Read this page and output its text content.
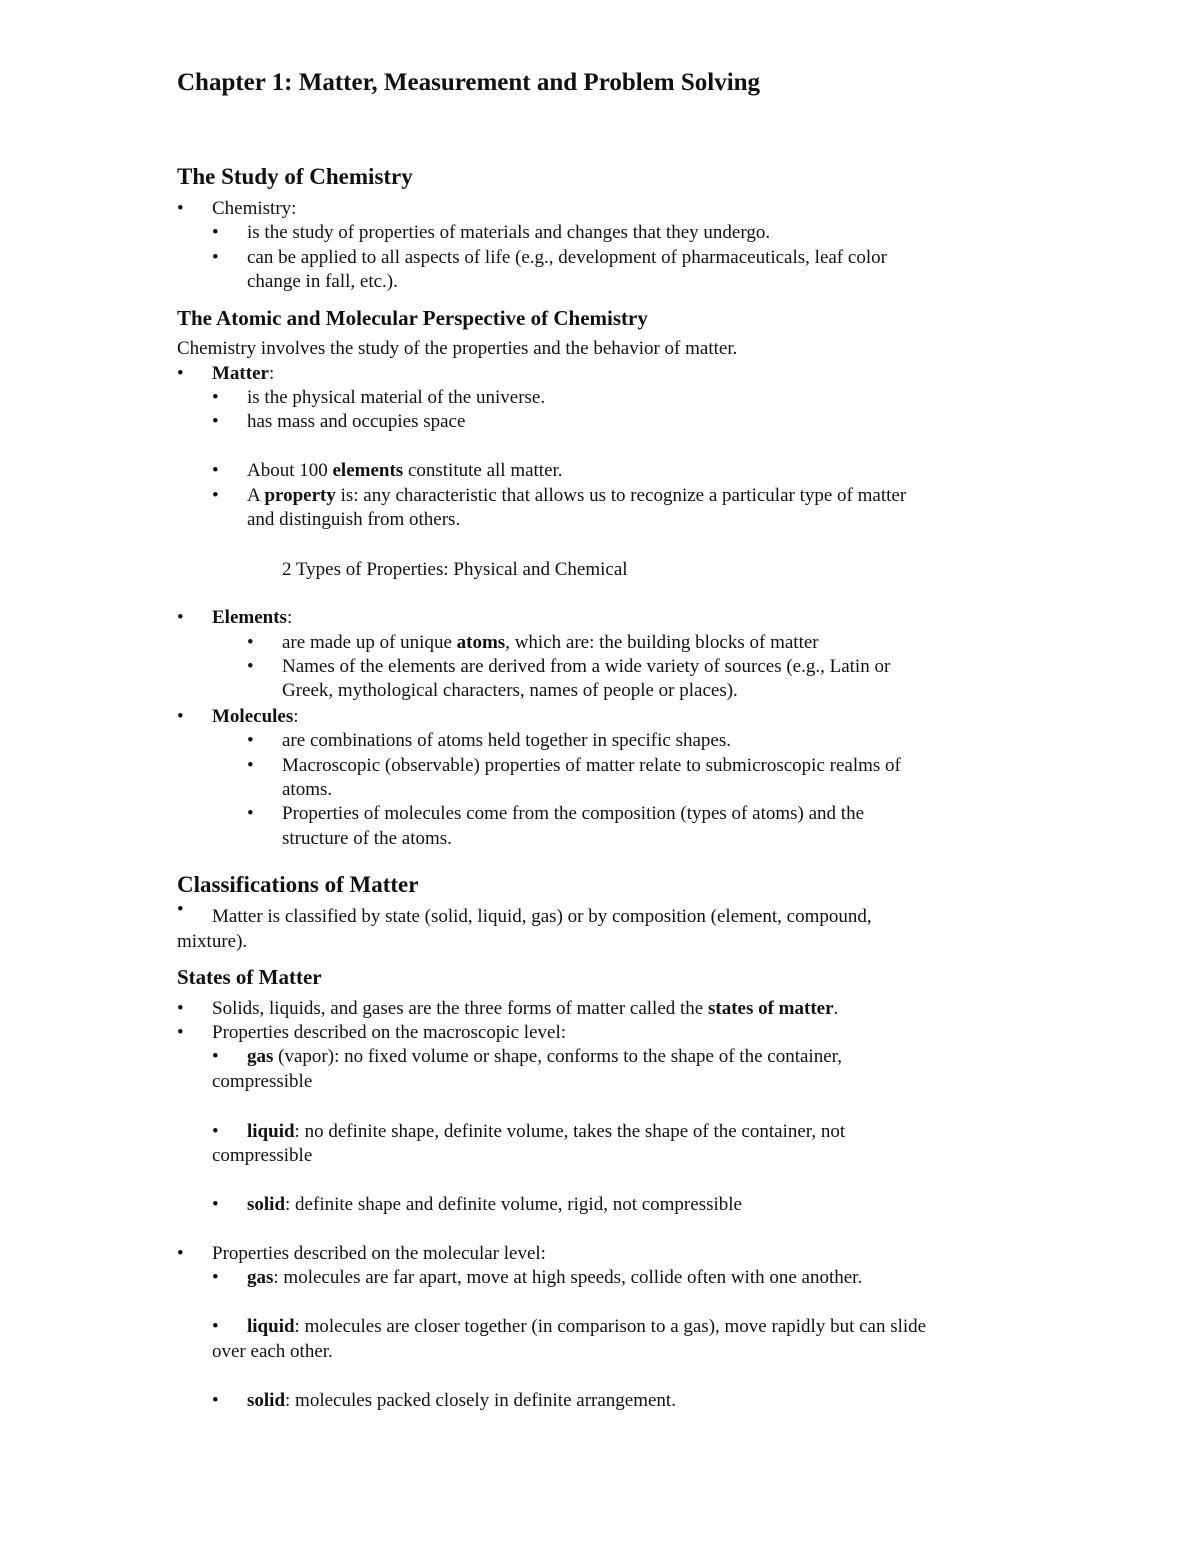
Chapter 1: Matter, Measurement and Problem Solving
The Study of Chemistry
• Chemistry:
• is the study of properties of materials and changes that they undergo.
• can be applied to all aspects of life (e.g., development of pharmaceuticals, leaf color
change in fall, etc.).
The Atomic and Molecular Perspective of Chemistry
Chemistry involves the study of the properties and the behavior of matter.
• Matter:
• is the physical material of the universe.
• has mass and occupies space
• About 100 elements constitute all matter.
• A property is: any characteristic that allows us to recognize a particular type of matter
and distinguish from others.
2 Types of Properties: Physical and Chemical
• Elements:
• are made up of unique atoms, which are: the building blocks of matter
• Names of the elements are derived from a wide variety of sources (e.g., Latin or
Greek, mythological characters, names of people or places).
• Molecules:
• are combinations of atoms held together in specific shapes.
• Macroscopic (observable) properties of matter relate to submicroscopic realms of
atoms.
• Properties of molecules come from the composition (types of atoms) and the
structure of the atoms.
Classifications of Matter
• Matter is classified by state (solid, liquid, gas) or by composition (element, compound,
mixture).
States of Matter
• Solids, liquids, and gases are the three forms of matter called the states of matter.
• Properties described on the macroscopic level:
• gas (vapor): no fixed volume or shape, conforms to the shape of the container,
compressible
• liquid: no definite shape, definite volume, takes the shape of the container, not
compressible
• solid: definite shape and definite volume, rigid, not compressible
• Properties described on the molecular level:
• gas: molecules are far apart, move at high speeds, collide often with one another.
• liquid: molecules are closer together (in comparison to a gas), move rapidly but can slide
over each other.
• solid: molecules packed closely in definite arrangement.
